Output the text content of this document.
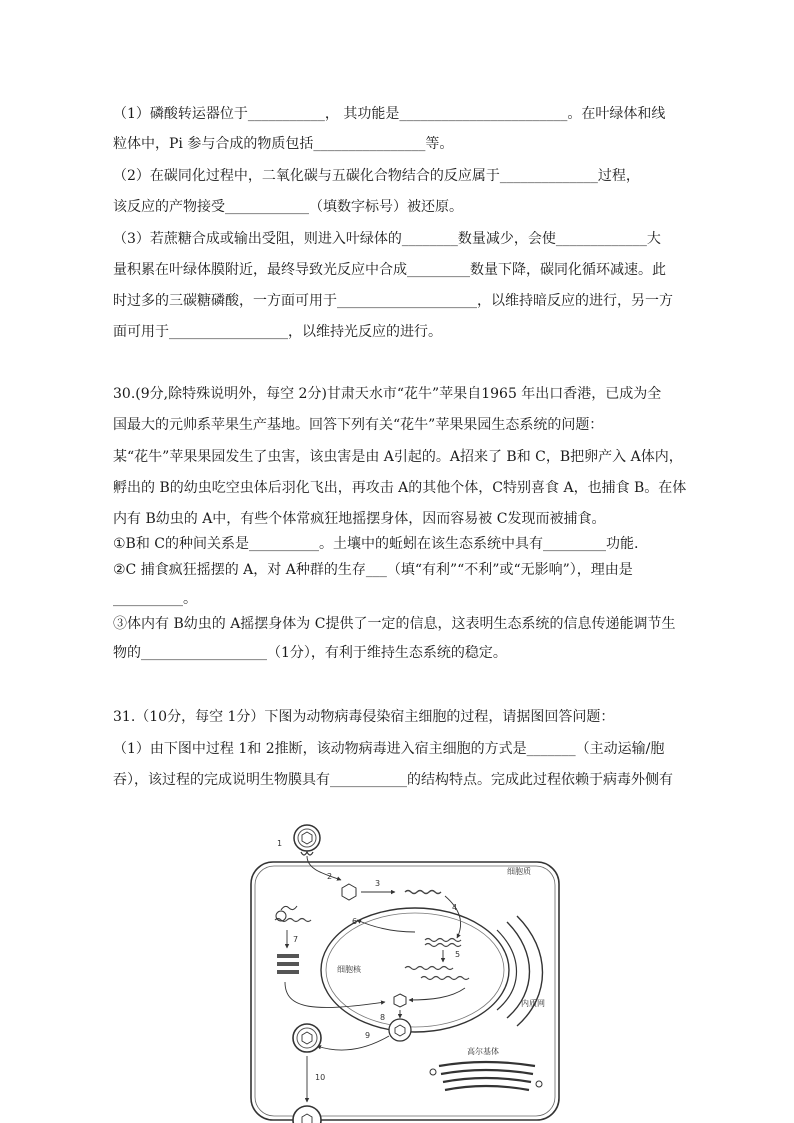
（1）磷酸转运器位于___________， 其功能是________________________。在叶绿体和线
粒体中，Pi 参与合成的物质包括________________等。
（2）在碳同化过程中，二氧化碳与五碳化合物结合的反应属于______________过程，
该反应的产物接受____________（填数字标号）被还原。
（3）若蔗糖合成或输出受阻，则进入叶绿体的________数量减少，会使_____________大
量积累在叶绿体膜附近，最终导致光反应中合成_________数量下降，碳同化循环减速。此
时过多的三碳糖磷酸，一方面可用于____________________，以维持暗反应的进行，另一方
面可用于_________________，以维持光反应的进行。
30.(9分,除特殊说明外，每空 2分)甘肃天水市“花牛”苹果自1965 年出口香港，已成为全
国最大的元帅系苹果生产基地。回答下列有关“花牛”苹果果园生态系统的问题：
某“花牛”苹果果园发生了虫害，该虫害是由 A引起的。A招来了 B和 C，B把卵产入 A体内，
孵出的 B的幼虫吃空虫体后羽化飞出，再攻击 A的其他个体，C特别喜食 A，也捕食 B。在体
内有 B幼虫的 A中，有些个体常疯狂地摇摆身体，因而容易被 C发现而被捕食。
①B和 C的种间关系是__________。土壤中的蚯蚓在该生态系统中具有_________功能.
②C 捕食疯狂摇摆的 A，对 A种群的生存___（填“有利”“不利”或“无影响”），理由是
__________。
③体内有 B幼虫的 A摇摆身体为 C提供了一定的信息，这表明生态系统的信息传递能调节生
物的__________________（1分），有利于维持生态系统的稳定。
31.（10分，每空 1分）下图为动物病毒侵染宿主细胞的过程，请据图回答问题：
（1）由下图中过程 1和 2推断，该动物病毒进入宿主细胞的方式是_______（主动运输/胞
吞），该过程的完成说明生物膜具有___________的结构特点。完成此过程依赖于病毒外侧有
1
2
3
4
细胞质
细胞核
5
6
7
8
内质网
9
10
高尔基体
